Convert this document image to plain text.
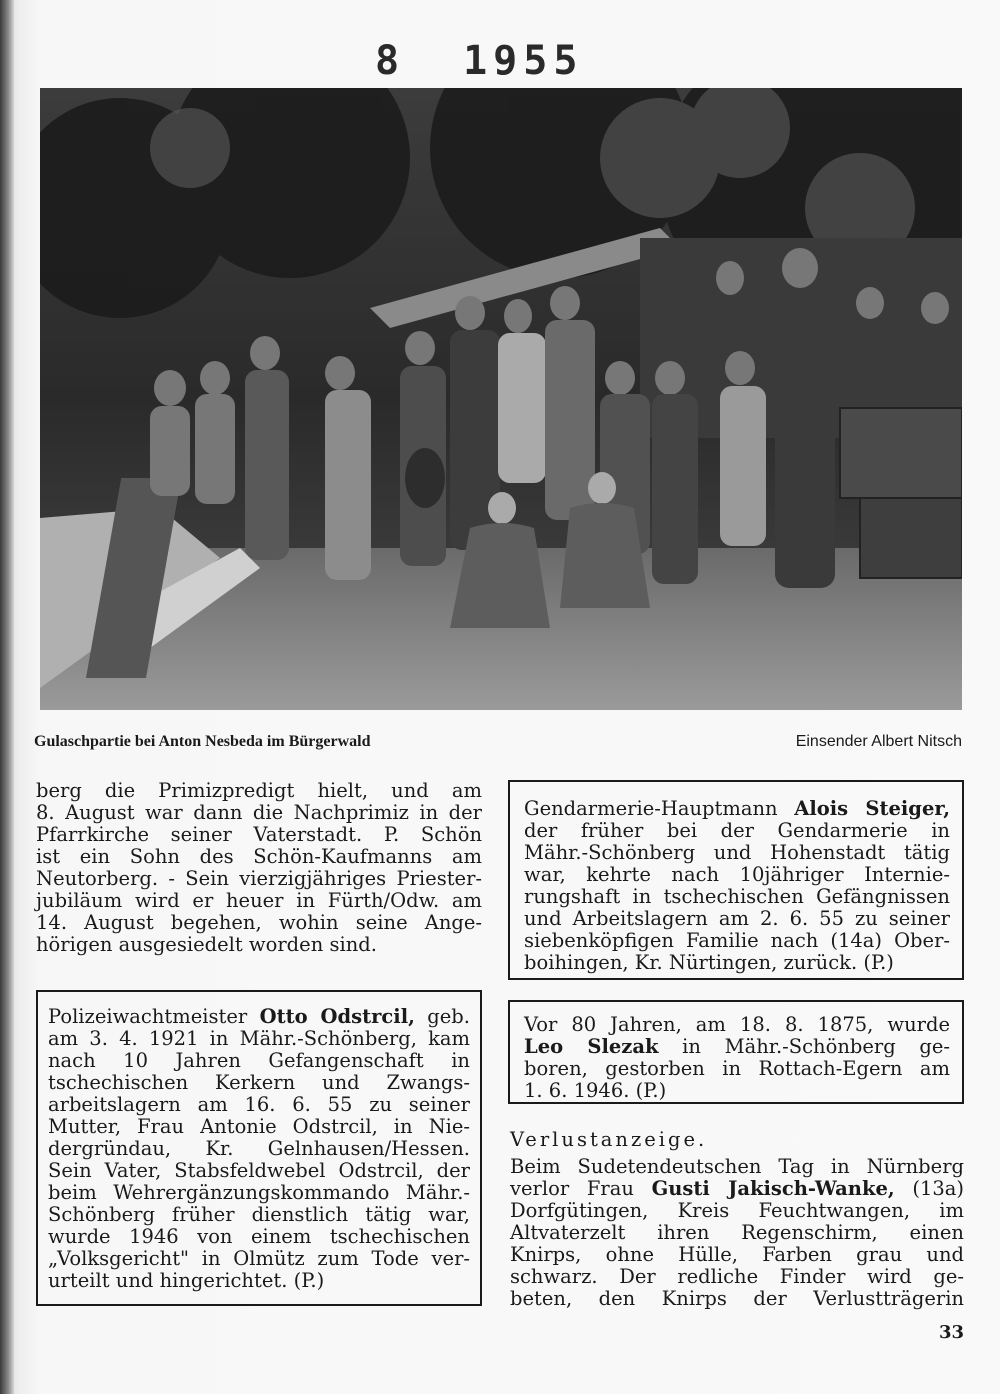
8 1955
Gulaschpartie bei Anton Nesbeda im Bürgerwald	Einsender Albert Nitsch
berg die Primizpredigt hielt, und am
8. August war dann die Nachprimiz in der
Pfarrkirche seiner Vaterstadt. P. Schön
ist ein Sohn des Schön-Kaufmanns am
Neutorberg. - Sein vierzigjähriges Priester-
jubiläum wird er heuer in Fürth/Odw. am
14. August begehen, wohin seine Ange-
hörigen ausgesiedelt worden sind.
Gendarmerie-Hauptmann Alois Steiger,
der früher bei der Gendarmerie in
Mähr.-Schönberg und Hohenstadt tätig
war, kehrte nach 10jähriger Internie-
rungshaft in tschechischen Gefängnissen
und Arbeitslagern am 2. 6. 55 zu seiner
siebenköpfigen Familie nach (14a) Ober-
boihingen, Kr. Nürtingen, zurück. (P.)
Polizeiwachtmeister Otto Odstrcil, geb.
am 3. 4. 1921 in Mähr.-Schönberg, kam
nach 10 Jahren Gefangenschaft in
tschechischen Kerkern und Zwangs-
arbeitslagern am 16. 6. 55 zu seiner
Mutter, Frau Antonie Odstrcil, in Nie-
dergründau, Kr. Gelnhausen/Hessen.
Sein Vater, Stabsfeldwebel Odstrcil, der
beim Wehrergänzungskommando Mähr.-
Schönberg früher dienstlich tätig war,
wurde 1946 von einem tschechischen
„Volksgericht" in Olmütz zum Tode ver-
urteilt und hingerichtet. (P.)
Vor 80 Jahren, am 18. 8. 1875, wurde
Leo Slezak in Mähr.-Schönberg ge-
boren, gestorben in Rottach-Egern am
1. 6. 1946. (P.)
Verlustanzeige.
Beim Sudetendeutschen Tag in Nürnberg
verlor Frau Gusti Jakisch-Wanke, (13a)
Dorfgütingen, Kreis Feuchtwangen, im
Altvaterzelt ihren Regenschirm, einen
Knirps, ohne Hülle, Farben grau und
schwarz. Der redliche Finder wird ge-
beten, den Knirps der Verlustträgerin
33
